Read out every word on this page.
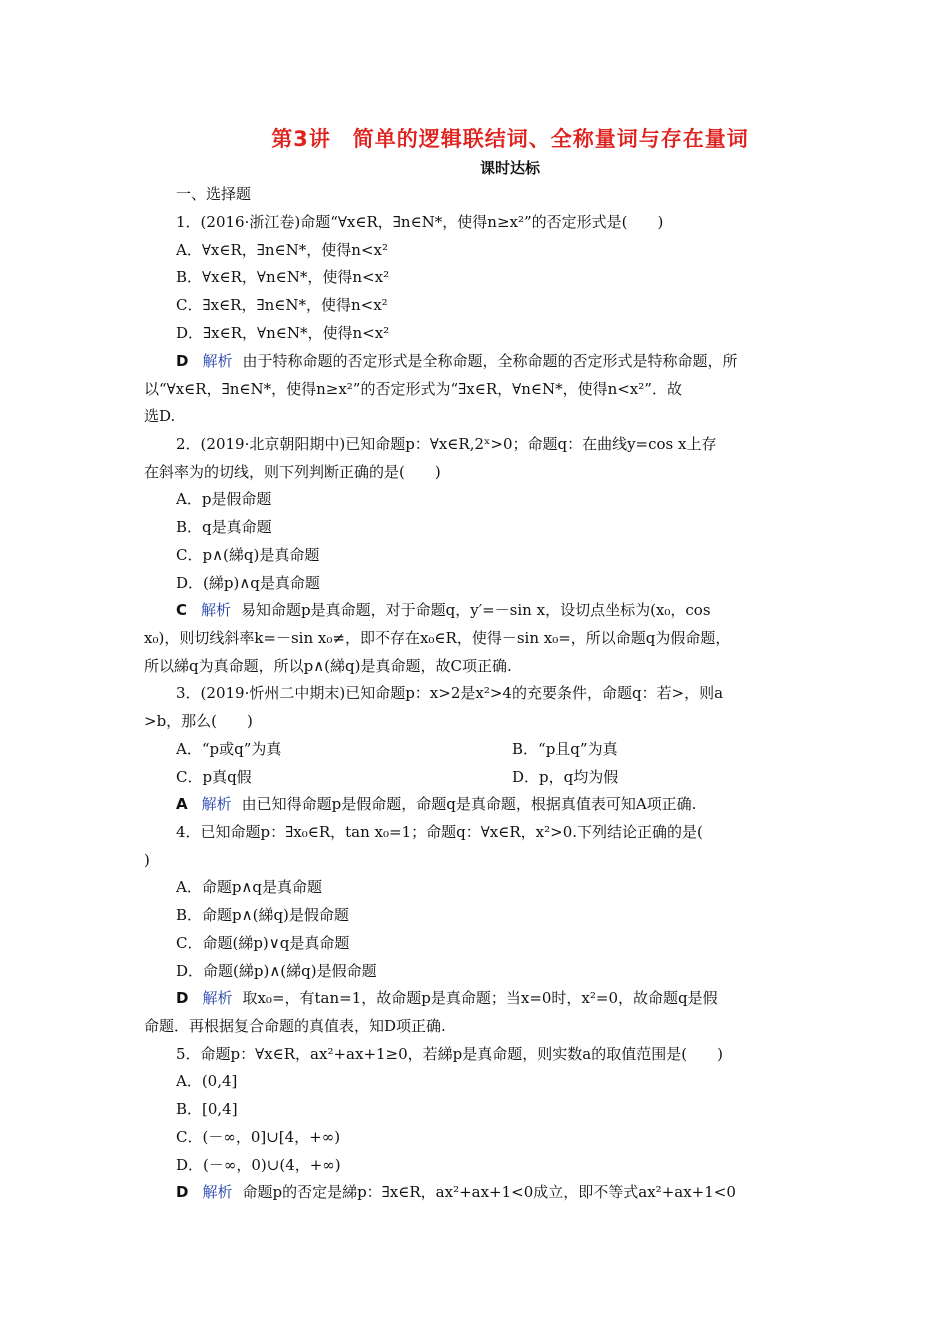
第3讲　简单的逻辑联结词、全称量词与存在量词
课时达标
一、选择题
1．(2016·浙江卷)命题“∀x∈R，∃n∈N*，使得n≥x²”的否定形式是(　　)
A．∀x∈R，∃n∈N*，使得n<x²
B．∀x∈R，∀n∈N*，使得n<x²
C．∃x∈R，∃n∈N*，使得n<x²
D．∃x∈R，∀n∈N*，使得n<x²
D 解析 由于特称命题的否定形式是全称命题，全称命题的否定形式是特称命题，所
以“∀x∈R，∃n∈N*，使得n≥x²”的否定形式为“∃x∈R，∀n∈N*，使得n<x²”．故
选D.
2．(2019·北京朝阳期中)已知命题p：∀x∈R,2ˣ>0；命题q：在曲线y=cos x上存
在斜率为的切线，则下列判断正确的是(　　)
A．p是假命题
B．q是真命题
C．p∧(綈q)是真命题
D．(綈p)∧q是真命题
C 解析 易知命题p是真命题，对于命题q，y′=－sin x，设切点坐标为(x₀，cos
x₀)，则切线斜率k=－sin x₀≠，即不存在x₀∈R，使得－sin x₀=，所以命题q为假命题，
所以綈q为真命题，所以p∧(綈q)是真命题，故C项正确.
3．(2019·忻州二中期末)已知命题p：x>2是x²>4的充要条件，命题q：若>，则a
>b，那么(　　)
A．“p或q”为真	B．“p且q”为真
C．p真q假	D．p，q均为假
A 解析 由已知得命题p是假命题，命题q是真命题，根据真值表可知A项正确.
4．已知命题p：∃x₀∈R，tan x₀=1；命题q：∀x∈R，x²>0.下列结论正确的是(
)
A．命题p∧q是真命题
B．命题p∧(綈q)是假命题
C．命题(綈p)∨q是真命题
D．命题(綈p)∧(綈q)是假命题
D 解析 取x₀=，有tan=1，故命题p是真命题；当x=0时，x²=0，故命题q是假
命题．再根据复合命题的真值表，知D项正确.
5．命题p：∀x∈R，ax²+ax+1≥0，若綈p是真命题，则实数a的取值范围是(　　)
A．(0,4]
B．[0,4]
C．(－∞，0]∪[4，+∞)
D．(－∞，0)∪(4，+∞)
D 解析 命题p的否定是綈p：∃x∈R，ax²+ax+1<0成立，即不等式ax²+ax+1<0
